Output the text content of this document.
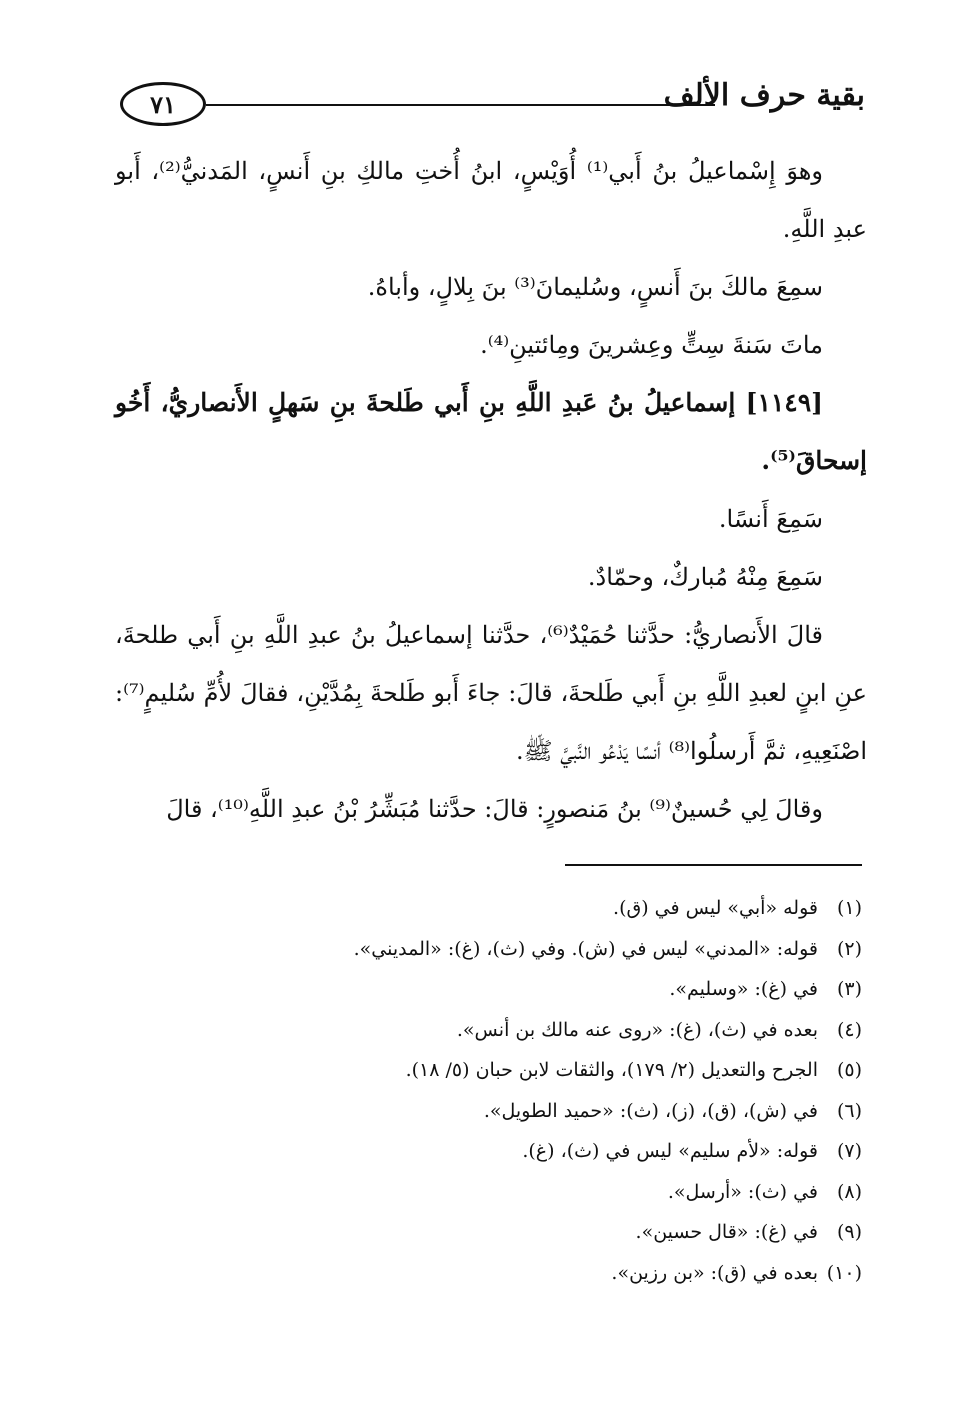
٧١	بقية حرف الألف

وهوَ إِسْماعيلُ بنُ أَبي⁽¹⁾ أُوَيْسٍ، ابنُ أُختِ مالكِ بنِ أَنسٍ، المَدنيُّ⁽²⁾، أَبو عبدِ اللَّهِ.

سمِعَ مالكَ بنَ أَنسٍ، وسُليمانَ⁽³⁾ بنَ بِلالٍ، وأباهُ.

ماتَ سَنةَ سِتٍّ وعِشرينَ ومِائتينِ⁽⁴⁾.

[١١٤٩] إسماعيلُ بنُ عَبدِ اللَّهِ بنِ أَبي طَلحةَ بنِ سَهلٍ الأَنصاريُّ، أَخُو إسحاقَ⁽⁵⁾.

سَمِعَ أَنسًا.

سَمِعَ مِنْهُ مُباركٌ، وحمّادٌ.

قالَ الأَنصاريُّ: حدَّثنا حُمَيْدٌ⁽⁶⁾، حدَّثنا إسماعيلُ بنُ عبدِ اللَّهِ بنِ أَبي طلحةَ، عنِ ابنٍ لعبدِ اللَّهِ بنِ أَبي طَلحةَ، قالَ: جاءَ أَبو طَلحةَ بِمُدَّيْنِ، فقالَ لأُمِّ سُليمٍ⁽⁷⁾: اصْنَعِيهِ، ثمَّ أَرسلُوا⁽⁸⁾ أنسًا يَدْعُو النَّبيَّ ﷺ.

وقالَ لِي حُسينٌ⁽⁹⁾ بنُ مَنصورٍ: قالَ: حدَّثنا مُبَشِّرُ بْنُ عبدِ اللَّهِ⁽¹⁰⁾، قالَ

(١)قوله «أبي» ليس في (ق).
(٢)قوله: «المدني» ليس في (ش). وفي (ث)، (غ): «المديني».
(٣)في (غ): «وسليم».
(٤)بعده في (ث)، (غ): «روى عنه مالك بن أنس».
(٥)الجرح والتعديل (٢/ ١٧٩)، والثقات لابن حبان (٥/ ١٨).
(٦)في (ش)، (ق)، (ز)، (ث): «حميد الطويل».
(٧)قوله: «لأم سليم» ليس في (ث)، (غ).
(٨)في (ث): «أرسل».
(٩)في (غ): «قال حسين».
(١٠)بعده في (ق): «بن رزين».
